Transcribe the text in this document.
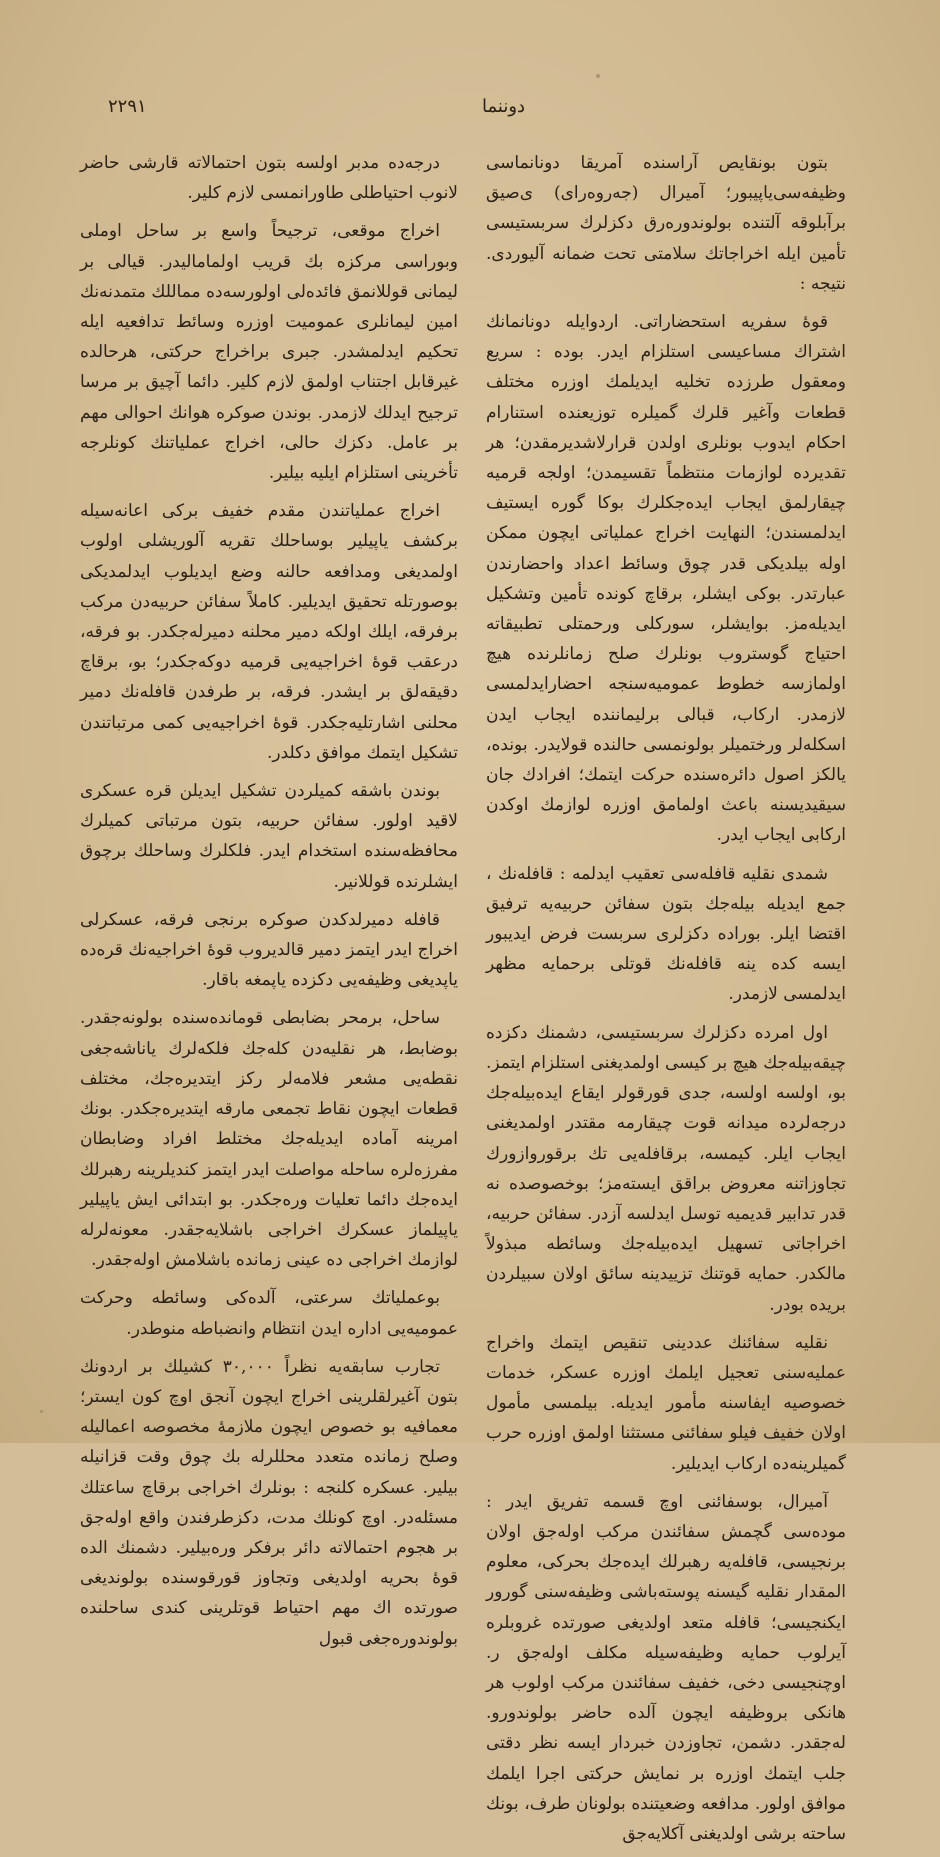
۲۲۹۱	دوننما

بتون بونقایص آراسنده آمریقا دونانماسی وظیفه‌سی‌یاپیبور؛ آمیرال (جه‌روه‌رای) ی‌صیق برآبلوقه آلتنده بولوندوره‌رق دکزلرك سربستیسی تأمین ایله اخراجاتك سلامتی تحت ضمانه آلیوردی. نتیجه :

قوهٔ سفریه استحضاراتی. اردوایله دونانمانك اشتراك مساعیسی استلزام ایدر. بوده : سریع ومعقول طرزده تخلیه ایدیلمك اوزره مختلف قطعات وآغیر قلرك گمیلره توزیعنده استنارام احکام ایدوب بونلری اولدن قرارلاشدیرمقدن؛ هر تقدیرده لوازمات منتظماً تقسیمدن؛ اولجه قرمیه چیقارلمق ایجاب ایده‌جکلرك بوکا گوره ایستیف ایدلمسندن؛ النهایت اخراج عملیاتی ایچون ممکن اوله بیلدیکی قدر چوق وسائط اعداد واحضارندن عبارتدر. بوکی ایشلر، برقاچ کونده تأمین وتشکیل ایدیله‌مز. بوایشلر، سورکلی ورحمتلی تطبیقاته احتیاج گوستروب بونلرك صلح زمانلرنده هیچ اولمازسه خطوط عمومیه‌سنجه احضارایدلمسی لازمدر. ارکاب، قبالی برلیماننده‌ ایجاب ایدن اسکلەلر ورختمیلر بولونمسی حالنده قولایدر. بونده، یالکز اصول دائرەسنده حرکت ایتمك؛ افرادك جان سیقیدیسنه باعث اولمامق اوزره لوازمك اوکدن ارکابی ایجاب ایدر.

شمدی نقلیه قافله‌سی تعقیب ایدلمه : قافله‌نك ، جمع ایدیله بیله‌جك بتون سفائن حربیه‌یه ترفیق اقتضا ایلر. بوراده‌ دکزلری سربست فرض ایدیبور ایسه‌ کده ینه قافله‌نك قوتلی برحمایه مظهر ایدلمسی لازمدر.

اول امرده دکزلرك سربستیسی، دشمنك دکزده چیقه‌بیله‌جك هیچ بر کیسی اولمدیغنی استلزام ایتمز. بو، اولسه اولسه، جدی قورقولر ایقاع ایده‌بیله‌جك درجه‌لرده میدانه قوت چیقارمه مقتدر اولمدیغنی ایجاب ایلر. کیمسه، برقافله‌یی تك برقوروازورك تجاوزاتنه معروض براقق ایسته‌مز؛ بوخصوصده نه قدر تدابیر قدیمیه توسل ایدلسه آزدر. سفائن حربیه، اخراجاتی تسهیل ایده‌بیله‌جك وسائطه مبذولاً مالکدر. حمایه قوتنك تزییدینه سائق اولان سبیلردن بریده بودر.

نقلیه سفائنك عددینی تنقیص ایتمك واخراج عملیه‌سنی تعجیل ایلمك اوزره عسکر، خدمات خصوصیه ایفاسنه مأمور ایدیله. بیلمسی مأمول اولان خفیف فیلو سفائنی مستثنا اولمق اوزره حرب گمیلرینه‌ده ارکاب ایدیلیر.

آمیرال، بوسفائنی اوچ قسمه تفریق ایدر : موده‌سی گچمش سفائندن مرکب اوله‌جق اولان برنجیسی، قافله‌یه رهبرلك ایده‌جك بحرکی، معلوم المقدار نقلیه گیسنه پوسته‌باشی وظیفه‌سنی گورور ایکنجیسی؛ قافله متعد اولدیغی صورتده غروبلره آیرلوب حمایه وظیفه‌سیله مکلف اوله‌جق ر. اوچنجیسی دخی، خفیف سفائندن مرکب اولوب هر هانکی بروظیفه ایچون آلده حاضر بولوندورو. له‌جقدر. دشمن، تجاوزدن خبردار ایسه نظر دقتی جلب ایتمك اوزره بر نمایش حرکتی اجرا ایلمك موافق اولور. مدافعه وضعیتنده بولونان طرف، بونك ساحته برشی اولدیغنی آکلایه‌جق

درجه‌ده مدبر اولسه بتون احتمالاته قارشی حاضر لانوب احتیاطلی طاورانمسی لازم کلیر.

اخراج موقعی، ترجیحاً واسع بر ساحل اوملی وبوراسی مرکزه بك قریب اولمامالیدر. قیالی بر لیمانی قوللانمق فائده‌لی اولورسه‌ده مماللك متمدنه‌نك امین لیمانلری عمومیت اوزره وسائط تدافعیه ایله تحکیم ایدلمشدر. جبری براخراج حرکتی، هرحالده غیرقابل اجتناب اولمق لازم کلیر. دائما آچیق بر مرسا ترجیح ایدلك لازمدر. بوندن صوکره هوانك احوالی مهم بر عامل. دکزك حالی، اخراج عملیاتنك کونلرجه تأخرینی استلزام ایلیه بیلیر.

اخراج عملیاتندن مقدم خفیف برکی اعانه‌سیله برکشف یاپیلیر بوساحلك تقریه آلوریشلی اولوب اولمدیغی ومدافعه حالنه وضع ایدیلوب ایدلمدیکی بوصورتله تحقیق ایدیلیر. کاملاً سفائن حربیه‌دن مرکب برفرقه، ایلك اولکه دمیر محلنه دمیرله‌جکدر. بو فرقه، درعقب قوهٔ اخراجیه‌یی قرمیه دوکه‌جکدر؛ بو، برقاچ دقیقه‌لق بر ایشدر. فرقه، بر طرفدن قافله‌نك دمیر محلنی اشارتلیه‌جکدر. قوهٔ اخراجیه‌یی کمی مرتباتندن تشکیل ایتمك موافق دکلدر.

بوندن باشقه کمیلردن تشکیل ایدیلن قره عسکری لاقید اولور. سفائن حربیه، بتون مرتباتی کمیلرك محافظه‌سنده استخدام ایدر. فلکلرك وساحلك برچوق ایشلرنده قوللانیر.

قافله دمیرلدکدن صوکره برنجی فرقه، عسکرلی اخراج ایدر ایتمز دمیر قالدیروب قوهٔ اخراجیه‌نك قرەده یاپدیغی وظیفه‌یی دکزده یاپمغه باقار.

ساحل، برمحر بضابطی قوماندەسنده بولونه‌جقدر. بوضابط، هر نقلیه‌دن کله‌جك فلکه‌لرك یاناشه‌جغی نقطه‌یی مشعر فلامه‌لر رکز ایتدیره‌جك، مختلف قطعات ایچون نقاط تجمعی مارقه ایتدیره‌جکدر. بونك امرینه آماده ایدیله‌جك مختلط افراد وضابطان مفرزه‌لره ساحله مواصلت ایدر ایتمز کندیلرینه رهبرلك ایده‌جك دائما تعلیات وره‌جکدر. بو ابتدائی ایش یاپیلیر یاپیلماز عسکرك اخراجی باشلایه‌جقدر. معونه‌لرله لوازمك اخراجی ده عینی زمانده باشلامش اوله‌جقدر.

بوعملیاتك سرعتی، آلده‌کی وسائطه وحرکت عمومیه‌یی اداره ایدن انتظام وانضباطه منوطدر.

تجارب سابقه‌یه نظراً ۳۰,۰۰۰ کشیلك بر اردونك بتون آغیرلقلرینی اخراج ایچون آنجق اوچ کون ایستر؛ معمافیه بو خصوص ایچون ملازمهٔ مخصوصه اعمالیله وصلح زمانده متعدد محللرله بك چوق وقت قزانیله بیلیر. عسکره کلنجه : بونلرك اخراجی برقاچ ساعتلك مسئله‌در. اوچ کونلك مدت، دکزطرفندن واقع اوله‌جق بر هجوم احتمالاته دائر برفکر وره‌بیلیر. دشمنك الده قوهٔ بحریه اولدیغی وتجاوز قورقوسنده بولوندیغی صورتده اك مهم احتیاط قوتلرینی کندی ساحلنده بولوندوره‌جغی قبول
